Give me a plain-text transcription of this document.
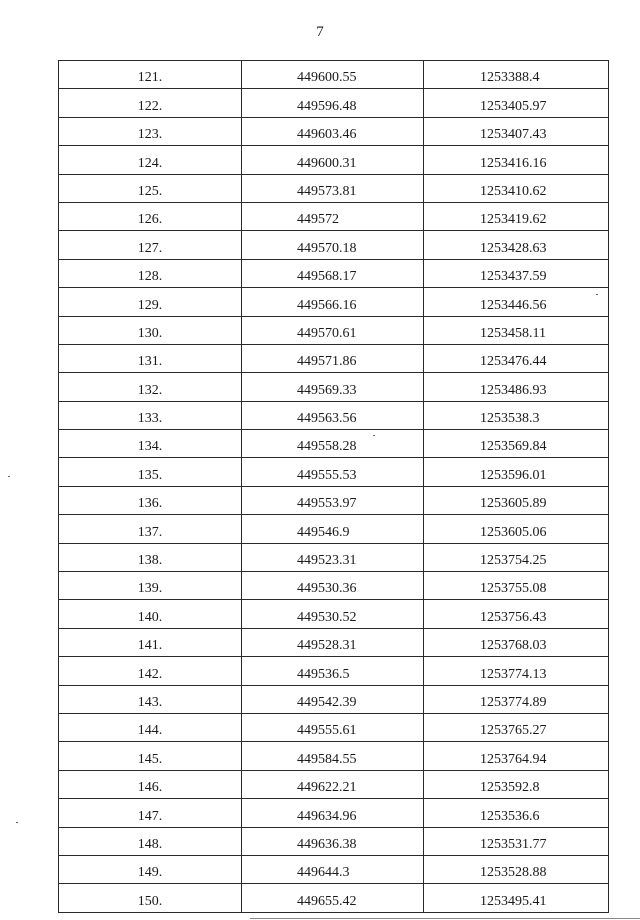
7
121.	449600.55	1253388.4
122.	449596.48	1253405.97
123.	449603.46	1253407.43
124.	449600.31	1253416.16
125.	449573.81	1253410.62
126.	449572	1253419.62
127.	449570.18	1253428.63
128.	449568.17	1253437.59
129.	449566.16	1253446.56
130.	449570.61	1253458.11
131.	449571.86	1253476.44
132.	449569.33	1253486.93
133.	449563.56	1253538.3
134.	449558.28	1253569.84
135.	449555.53	1253596.01
136.	449553.97	1253605.89
137.	449546.9	1253605.06
138.	449523.31	1253754.25
139.	449530.36	1253755.08
140.	449530.52	1253756.43
141.	449528.31	1253768.03
142.	449536.5	1253774.13
143.	449542.39	1253774.89
144.	449555.61	1253765.27
145.	449584.55	1253764.94
146.	449622.21	1253592.8
147.	449634.96	1253536.6
148.	449636.38	1253531.77
149.	449644.3	1253528.88
150.	449655.42	1253495.41
